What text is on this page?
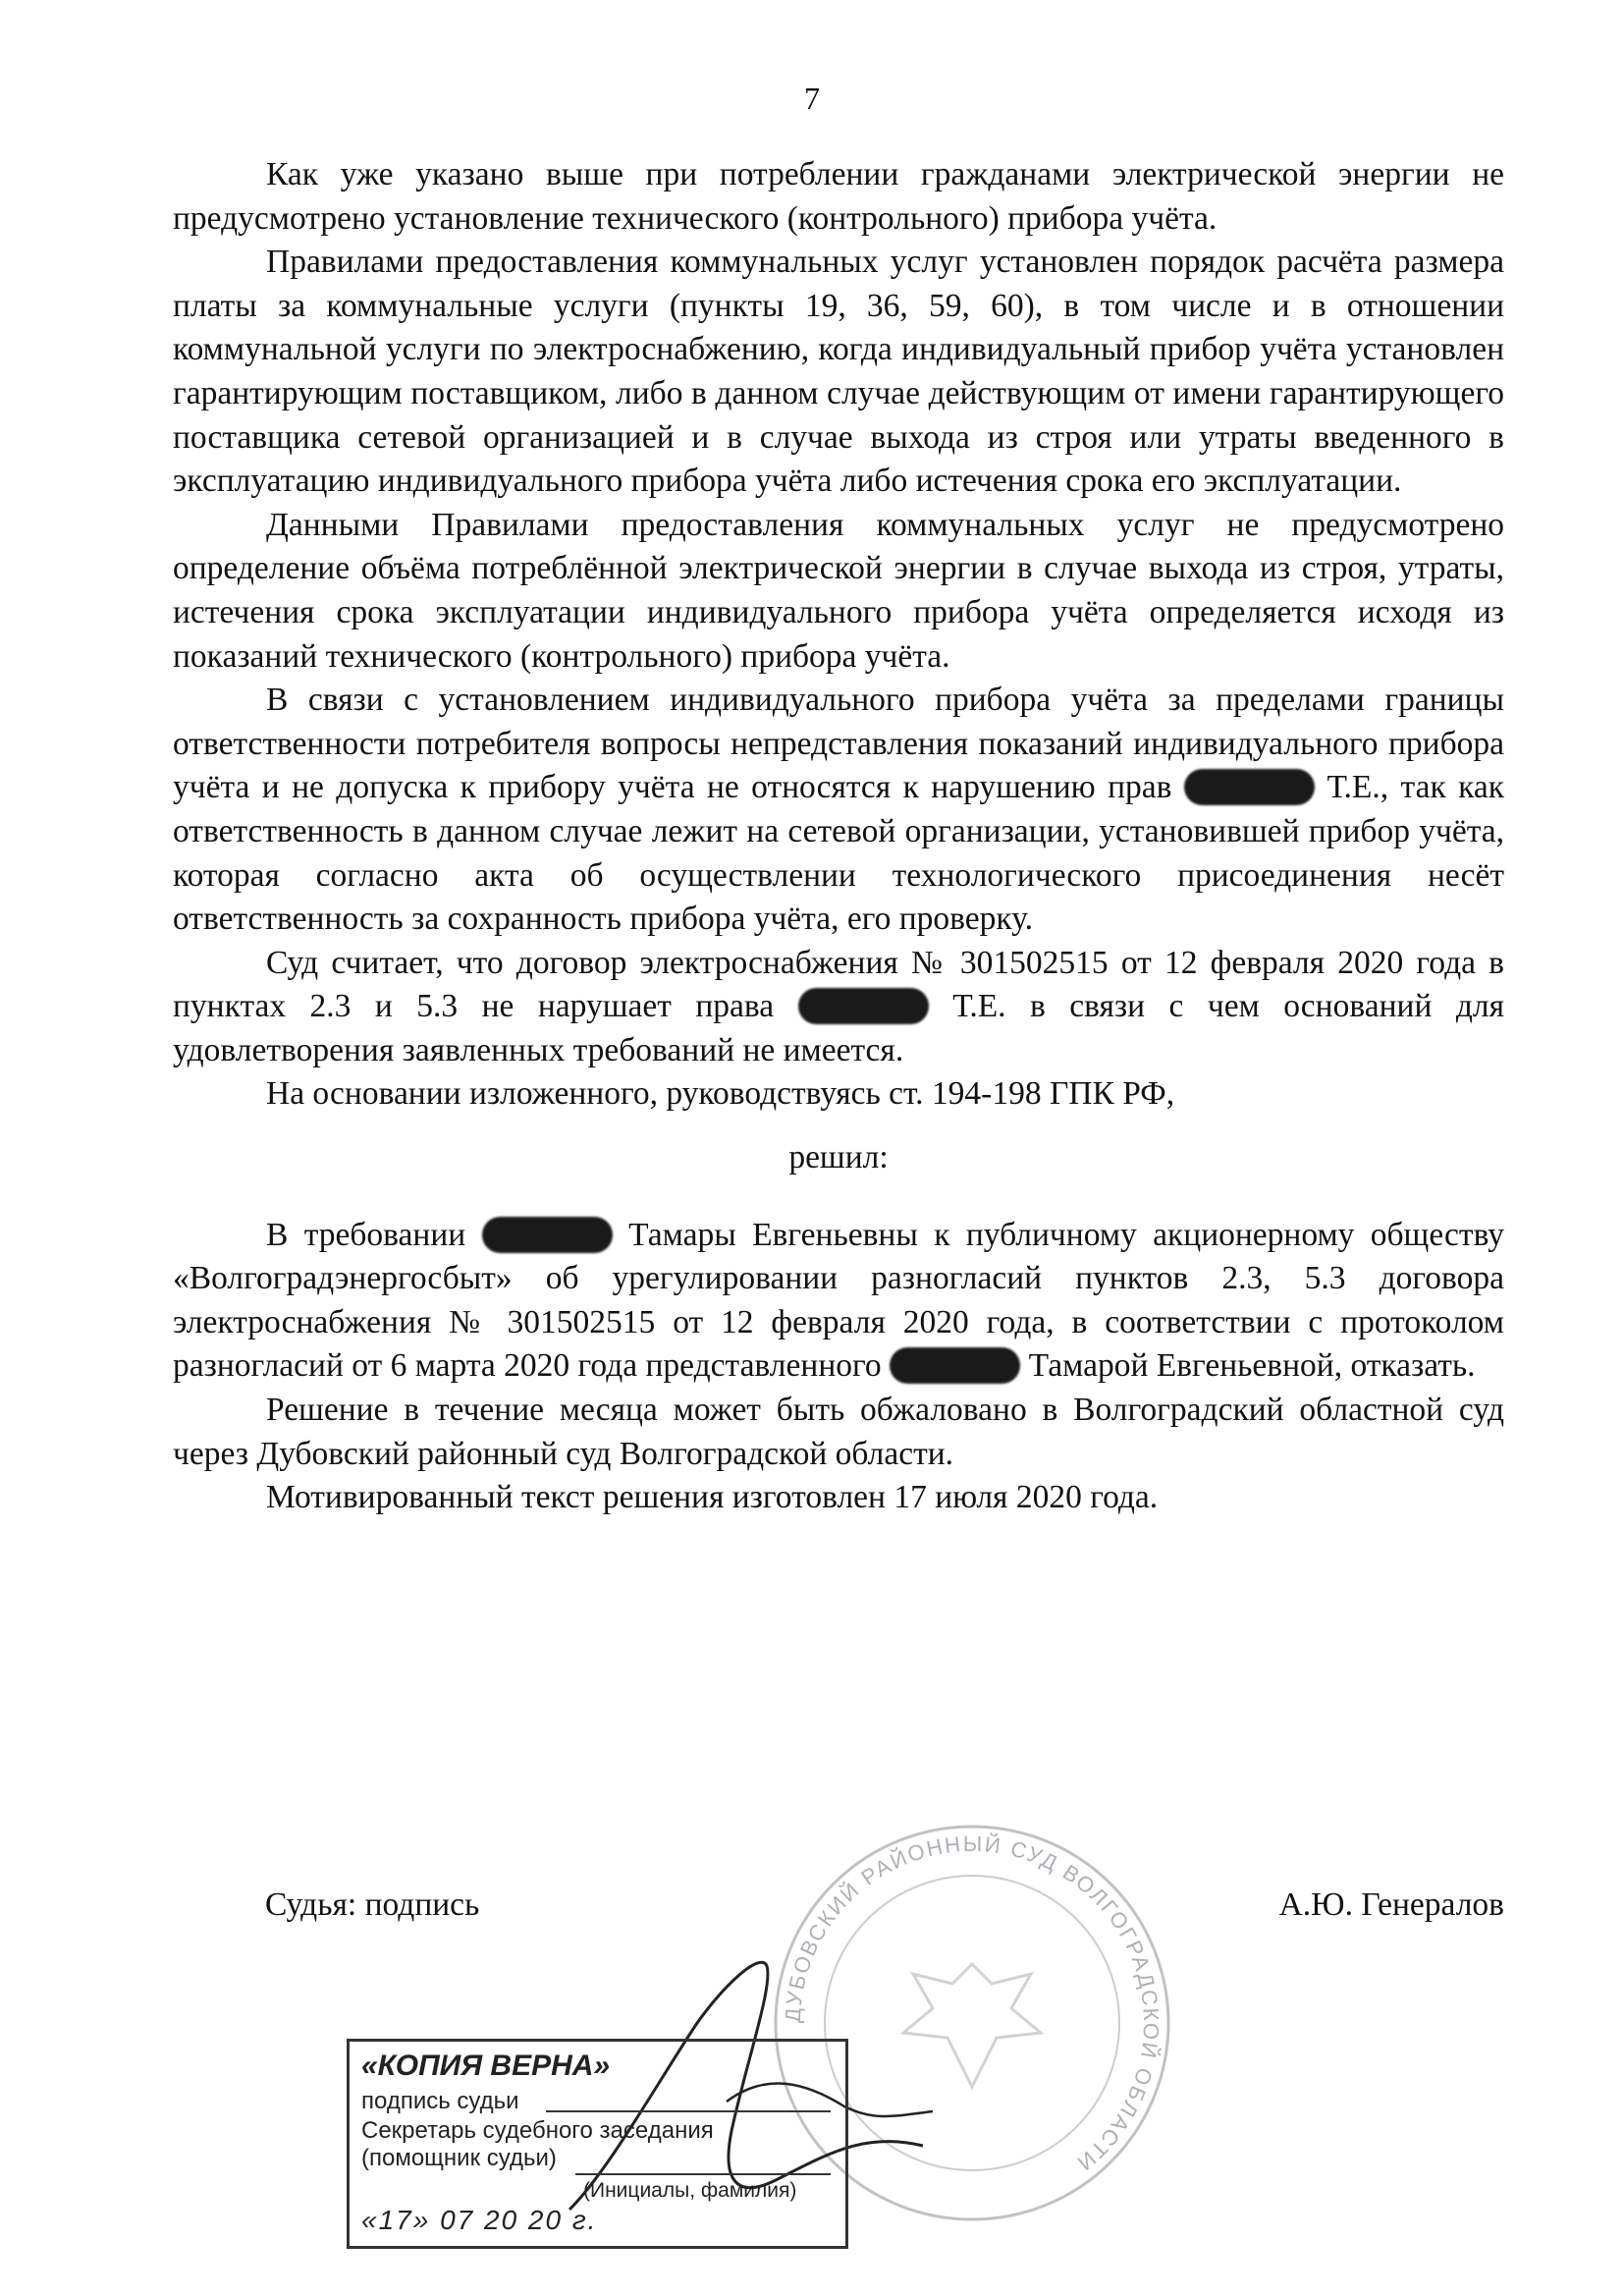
7

Как уже указано выше при потреблении гражданами электрической энергии не предусмотрено установление технического (контрольного) прибора учёта.

Правилами предоставления коммунальных услуг установлен порядок расчёта размера платы за коммунальные услуги (пункты 19, 36, 59, 60), в том числе и в отношении коммунальной услуги по электроснабжению, когда индивидуальный прибор учёта установлен гарантирующим поставщиком, либо в данном случае действующим от имени гарантирующего поставщика сетевой организацией и в случае выхода из строя или утраты введенного в эксплуатацию индивидуального прибора учёта либо истечения срока его эксплуатации.

Данными Правилами предоставления коммунальных услуг не предусмотрено определение объёма потреблённой электрической энергии в случае выхода из строя, утраты, истечения срока эксплуатации индивидуального прибора учёта определяется исходя из показаний технического (контрольного) прибора учёта.

В связи с установлением индивидуального прибора учёта за пределами границы ответственности потребителя вопросы непредставления показаний индивидуального прибора учёта и не допуска к прибору учёта не относятся к нарушению прав	Т.Е., так как ответственность в данном случае лежит на сетевой организации, установившей прибор учёта, которая согласно акта об осуществлении технологического присоединения несёт ответственность за сохранность прибора учёта, его проверку.

Суд считает, что договор электроснабжения № 301502515 от 12 февраля 2020 года в пунктах 2.3 и 5.3 не нарушает права	Т.Е. в связи с чем оснований для удовлетворения заявленных требований не имеется.

На основании изложенного, руководствуясь ст. 194-198 ГПК РФ,

решил:

В требовании	Тамары Евгеньевны к публичному акционерному обществу «Волгоградэнергосбыт» об урегулировании разногласий пунктов 2.3, 5.3 договора электроснабжения № 301502515 от 12 февраля 2020 года, в соответствии с протоколом разногласий от 6 марта 2020 года представленного	Тамарой Евгеньевной, отказать.

Решение в течение месяца может быть обжаловано в Волгоградский областной суд через Дубовский районный суд Волгоградской области.

Мотивированный текст решения изготовлен 17 июля 2020 года.

Судья: подпись	А.Ю. Генералов
ДУБОВСКИЙ РАЙОННЫЙ СУД ВОЛГОГРАДСКОЙ ОБЛАСТИ
«КОПИЯ ВЕРНА»
подпись судьи
Секретарь судебного заседания
(помощник судьи)
(Инициалы, фамилия)
«17» 07 20 20 г.
